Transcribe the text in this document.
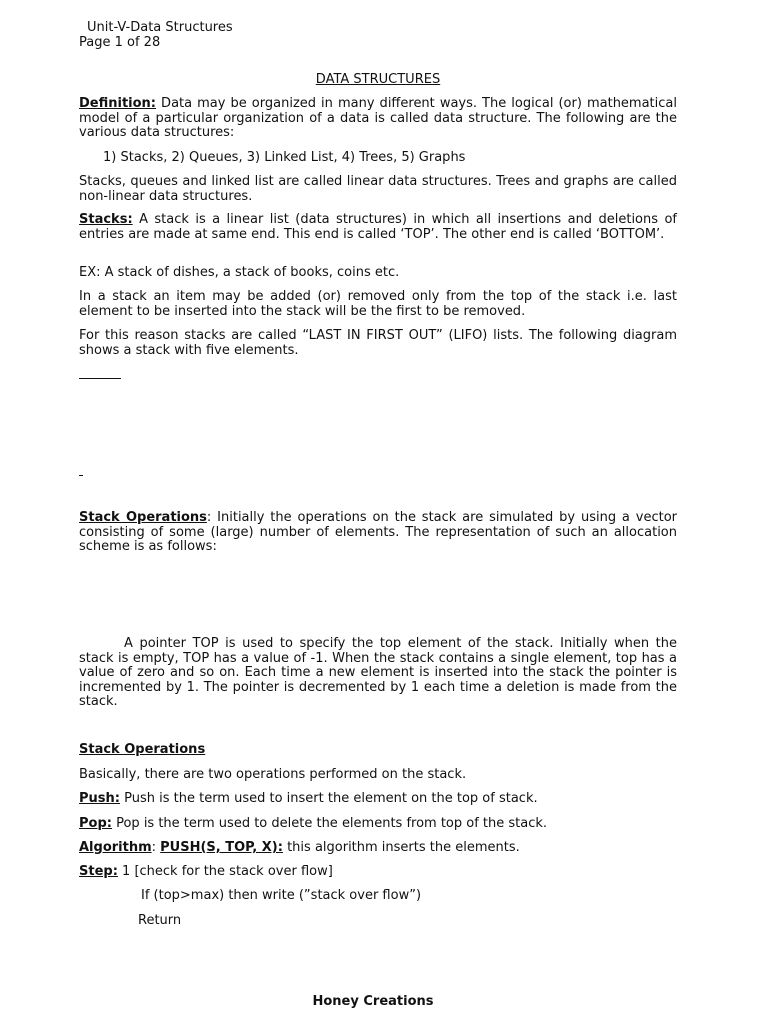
Unit-V-Data Structures
Page 1 of 28
DATA STRUCTURES

Definition: Data may be organized in many different ways. The logical (or) mathematical model of a particular organization of a data is called data structure. The following are the various data structures:

1) Stacks, 2) Queues, 3) Linked List, 4) Trees, 5) Graphs

Stacks, queues and linked list are called linear data structures. Trees and graphs are called non-linear data structures.

Stacks: A stack is a linear list (data structures) in which all insertions and deletions of entries are made at same end. This end is called ‘TOP’. The other end is called ‘BOTTOM’.

EX: A stack of dishes, a stack of books, coins etc.

In a stack an item may be added (or) removed only from the top of the stack i.e. last element to be inserted into the stack will be the first to be removed.

For this reason stacks are called “LAST IN FIRST OUT” (LIFO) lists. The following diagram shows a stack with five elements.

Stack Operations: Initially the operations on the stack are simulated by using a vector consisting of some (large) number of elements. The representation of such an allocation scheme is as follows:

A pointer TOP is used to specify the top element of the stack. Initially when the stack is empty, TOP has a value of -1. When the stack contains a single element, top has a value of zero and so on. Each time a new element is inserted into the stack the pointer is incremented by 1. The pointer is decremented by 1 each time a deletion is made from the stack.

Stack Operations
Basically, there are two operations performed on the stack.
Push: Push is the term used to insert the element on the top of stack.
Pop: Pop is the term used to delete the elements from top of the stack.
Algorithm: PUSH(S, TOP, X): this algorithm inserts the elements.
Step: 1 [check for the stack over flow]
If (top>max) then write (”stack over flow”)
Return
Honey Creations
